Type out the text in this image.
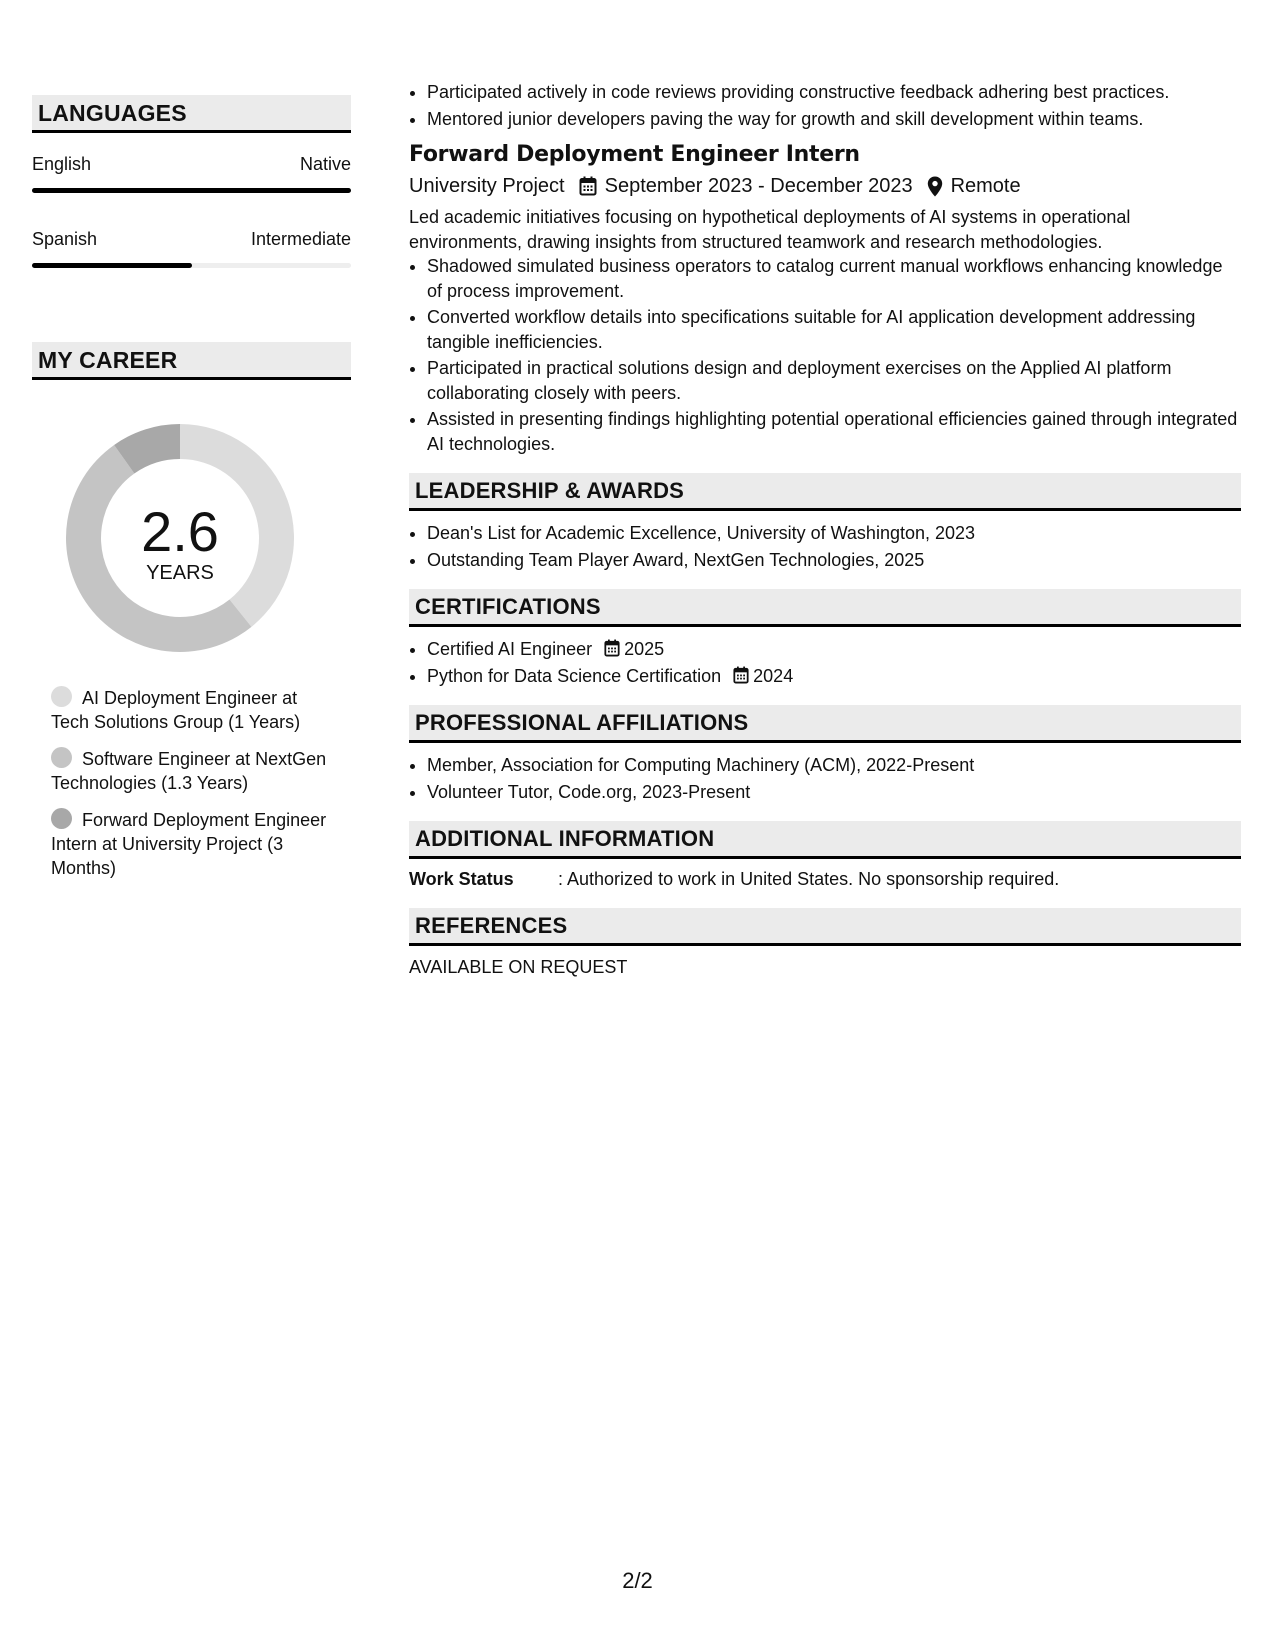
LANGUAGES
English	Native
Spanish	Intermediate
MY CAREER
2.6
YEARS
AI Deployment Engineer at Tech Solutions Group (1 Years)
Software Engineer at NextGen Technologies (1.3 Years)
Forward Deployment Engineer Intern at University Project (3 Months)
• Participated actively in code reviews providing constructive feedback adhering best practices.
• Mentored junior developers paving the way for growth and skill development within teams.
Forward Deployment Engineer Intern
University Project September 2023 - December 2023 Remote
Led academic initiatives focusing on hypothetical deployments of AI systems in operational environments, drawing insights from structured teamwork and research methodologies.
• Shadowed simulated business operators to catalog current manual workflows enhancing knowledge of process improvement.
• Converted workflow details into specifications suitable for AI application development addressing tangible inefficiencies.
• Participated in practical solutions design and deployment exercises on the Applied AI platform collaborating closely with peers.
• Assisted in presenting findings highlighting potential operational efficiencies gained through integrated AI technologies.
LEADERSHIP & AWARDS
• Dean's List for Academic Excellence, University of Washington, 2023
• Outstanding Team Player Award, NextGen Technologies, 2025
CERTIFICATIONS
• Certified AI Engineer 2025
• Python for Data Science Certification 2024
PROFESSIONAL AFFILIATIONS
• Member, Association for Computing Machinery (ACM), 2022-Present
• Volunteer Tutor, Code.org, 2023-Present
ADDITIONAL INFORMATION
Work Status	: Authorized to work in United States. No sponsorship required.
REFERENCES
AVAILABLE ON REQUEST
2/2
